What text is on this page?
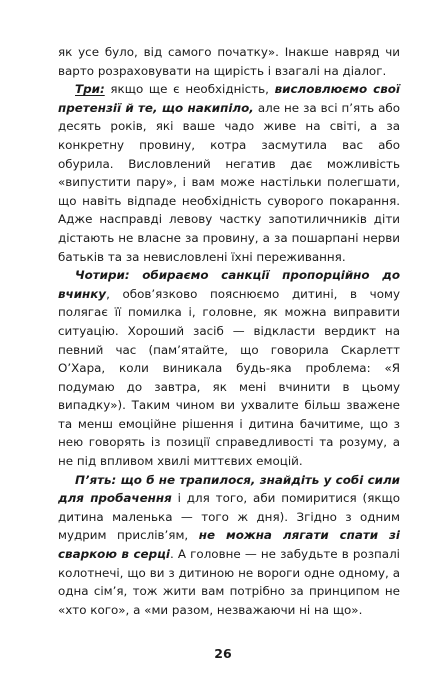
як усе було, від самого початку». Інакше навряд чи варто розраховувати на щирість і взагалі на діалог.

Три: якщо ще є необхідність, висловлюємо свої претензії й те, що накипіло, але не за всі п’ять або десять років, які ваше чадо живе на світі, а за конкретну провину, котра засмутила вас або обурила. Висловлений негатив дає можливість «випустити пару», і вам може настільки полегшати, що навіть відпаде необхідність суворого покарання. Адже насправді левову частку запотиличників діти дістають не власне за провину, а за пошарпані нерви батьків та за невисловлені їхні переживання.

Чотири: обираємо санкції пропорційно до вчинку, обов’язково пояснюємо дитині, в чому полягає її помилка і, головне, як можна виправити ситуацію. Хороший засіб — відкласти вердикт на певний час (пам’ятайте, що говорила Скарлетт О’Хара, коли виникала будь-яка проблема: «Я подумаю до завтра, як мені вчинити в цьому випадку»). Таким чином ви ухвалите більш зважене та менш емоційне рішення і дитина бачитиме, що з нею говорять із позиції справедливості та розуму, а не під впливом хвилі миттєвих емоцій.

П’ять: що б не трапилося, знайдіть у собі сили для пробачення і для того, аби помиритися (якщо дитина маленька — того ж дня). Згідно з одним мудрим прислів’ям, не можна лягати спати зі сваркою в серці. А головне — не забудьте в розпалі колотнечі, що ви з дитиною не вороги одне одному, а одна сім’я, тож жити вам потрібно за принципом не «хто кого», а «ми разом, незважаючи ні на що».

26
